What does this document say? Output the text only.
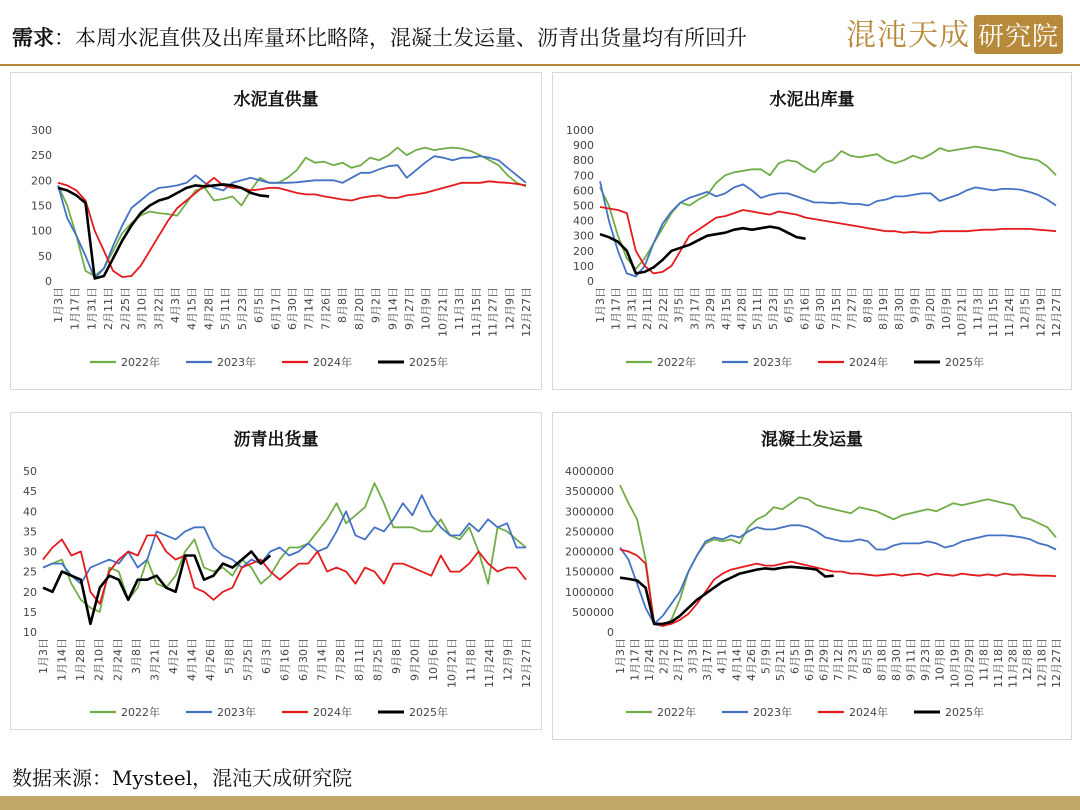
需求：本周水泥直供及出库量环比略降，混凝土发运量、沥青出货量均有所回升	混沌天成 研究院
水泥直供量
0
50
100
150
200
250
300
1月3日 1月17日 1月31日 2月11日 2月25日 3月10日 3月22日 4月3日 4月15日 4月28日 5月11日 5月23日 6月5日 6月17日 6月30日 7月14日 7月26日 8月8日 8月20日 9月2日 9月14日 9月27日 10月9日 10月21日 11月3日 11月15日 11月27日 12月9日 12月27日
2022年	2023年	2024年	2025年
水泥出库量
0
100
200
300
400
500
600
700
800
900
1000
1月3日 1月17日 1月31日 2月11日 2月22日 3月5日 3月17日 3月29日 4月15日 4月28日 5月11日 5月23日 6月5日 6月16日 6月30日 7月15日 7月27日 8月8日 8月19日 8月30日 9月9日 9月20日 10月9日 10月21日 11月3日 11月15日 11月24日 12月5日 12月19日 12月27日
2022年	2023年	2024年	2025年
沥青出货量
10
15
20
25
30
35
40
45
50
1月3日 1月14日 1月28日 2月10日 2月24日 3月8日 3月21日 4月2日 4月14日 4月26日 5月8日 5月25日 6月3日 6月16日 6月30日 7月14日 7月28日 8月11日 8月25日 9月8日 9月20日 10月6日 10月21日 11月8日 11月24日 12月9日 12月27日
2022年	2023年	2024年	2025年
混凝土发运量
0
500000
1000000
1500000
2000000
2500000
3000000
3500000
4000000
1月3日 1月17日 1月24日 2月2日 2月17日 3月3日 3月17日 4月1日 4月14日 4月26日 5月9日 5月21日 6月5日 6月19日 6月29日 7月12日 7月23日 8月5日 8月18日 8月30日 9月11日 9月23日 10月8日 10月19日 10月29日 11月8日 11月18日 11月28日 12月8日 12月18日 12月27日
2022年	2023年	2024年	2025年
数据来源：Mysteel，混沌天成研究院
